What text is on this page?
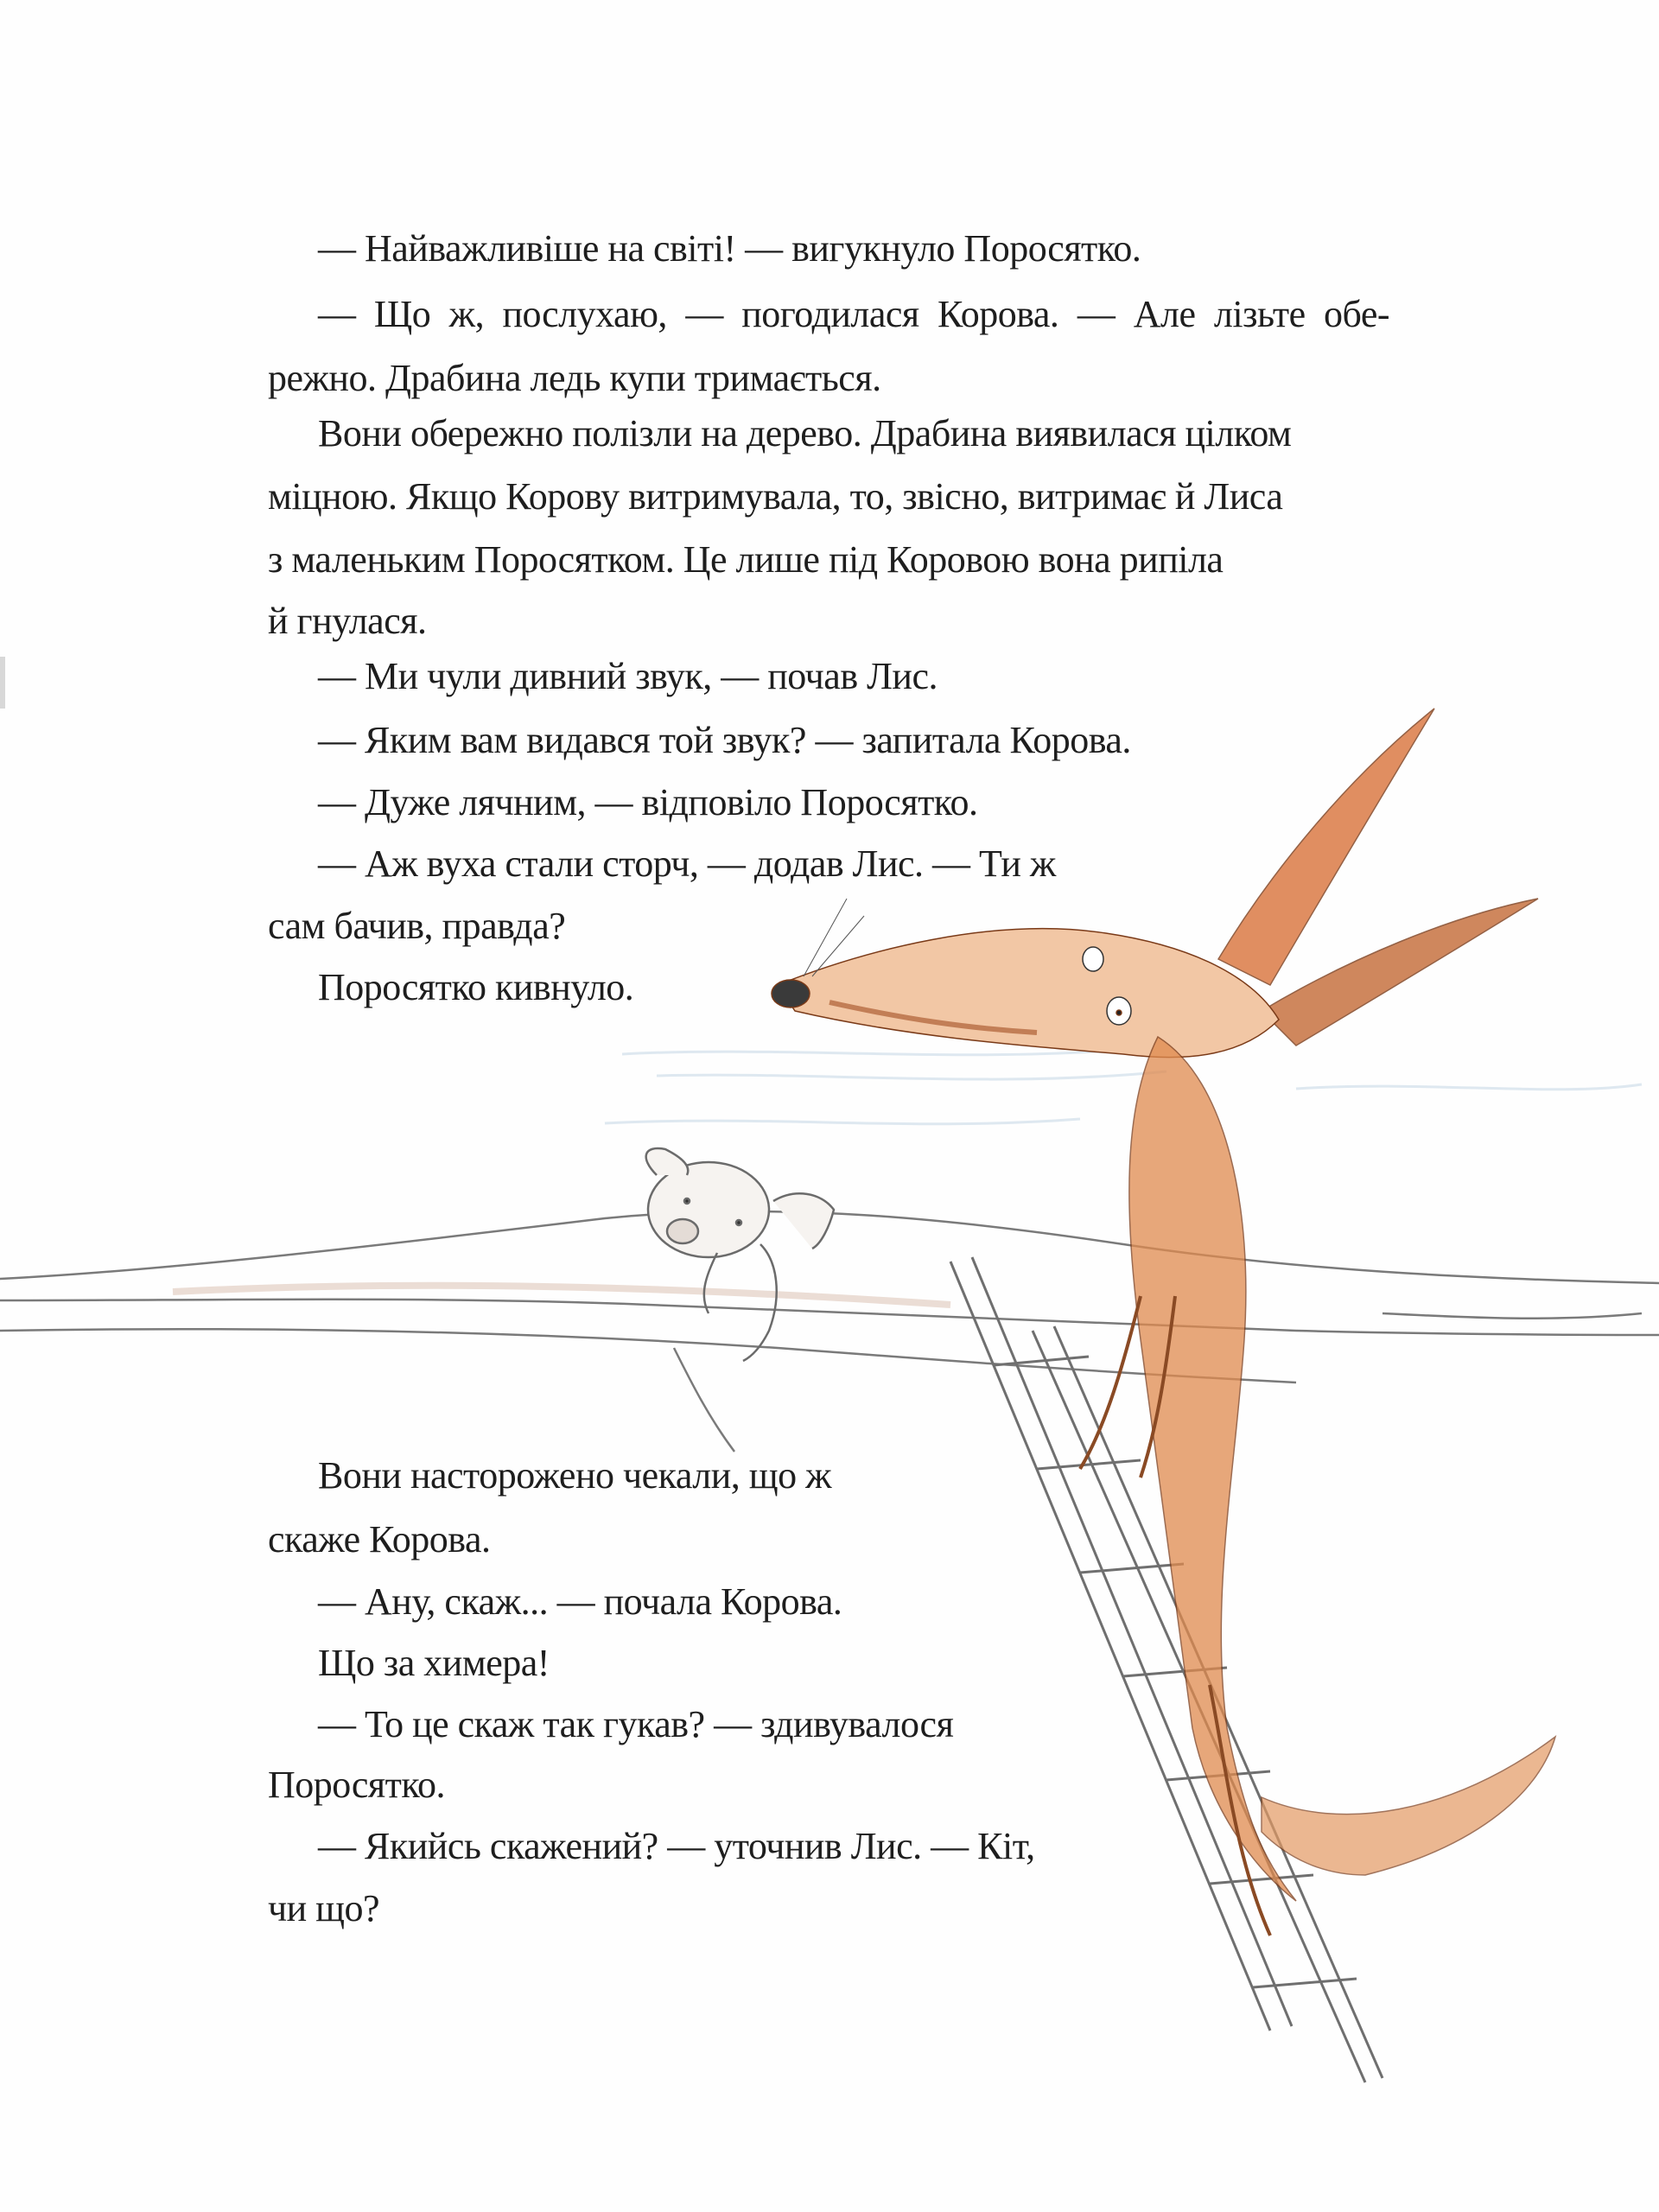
— Найважливіше на світі! — вигукнуло Поросятко.
— Що ж, послухаю, — погодилася Корова. — Але лізьте обе-
режно. Драбина ледь купи тримається.
Вони обережно полізли на дерево. Драбина виявилася цілком
міцною. Якщо Корову витримувала, то, звісно, витримає й Лиса
з маленьким Поросятком. Це лише під Коровою вона рипіла
й гнулася.
— Ми чули дивний звук, — почав Лис.
— Яким вам видався той звук? — запитала Корова.
— Дуже лячним, — відповіло Поросятко.
— Аж вуха стали сторч, — додав Лис. — Ти ж
сам бачив, правда?
Поросятко кивнуло.
Вони насторожено чекали, що ж
скаже Корова.
— Ану, скаж... — почала Корова.
Що за химера!
— То це скаж так гукав? — здивувалося
Поросятко.
— Якийсь скажений? — уточнив Лис. — Кіт,
чи що?
